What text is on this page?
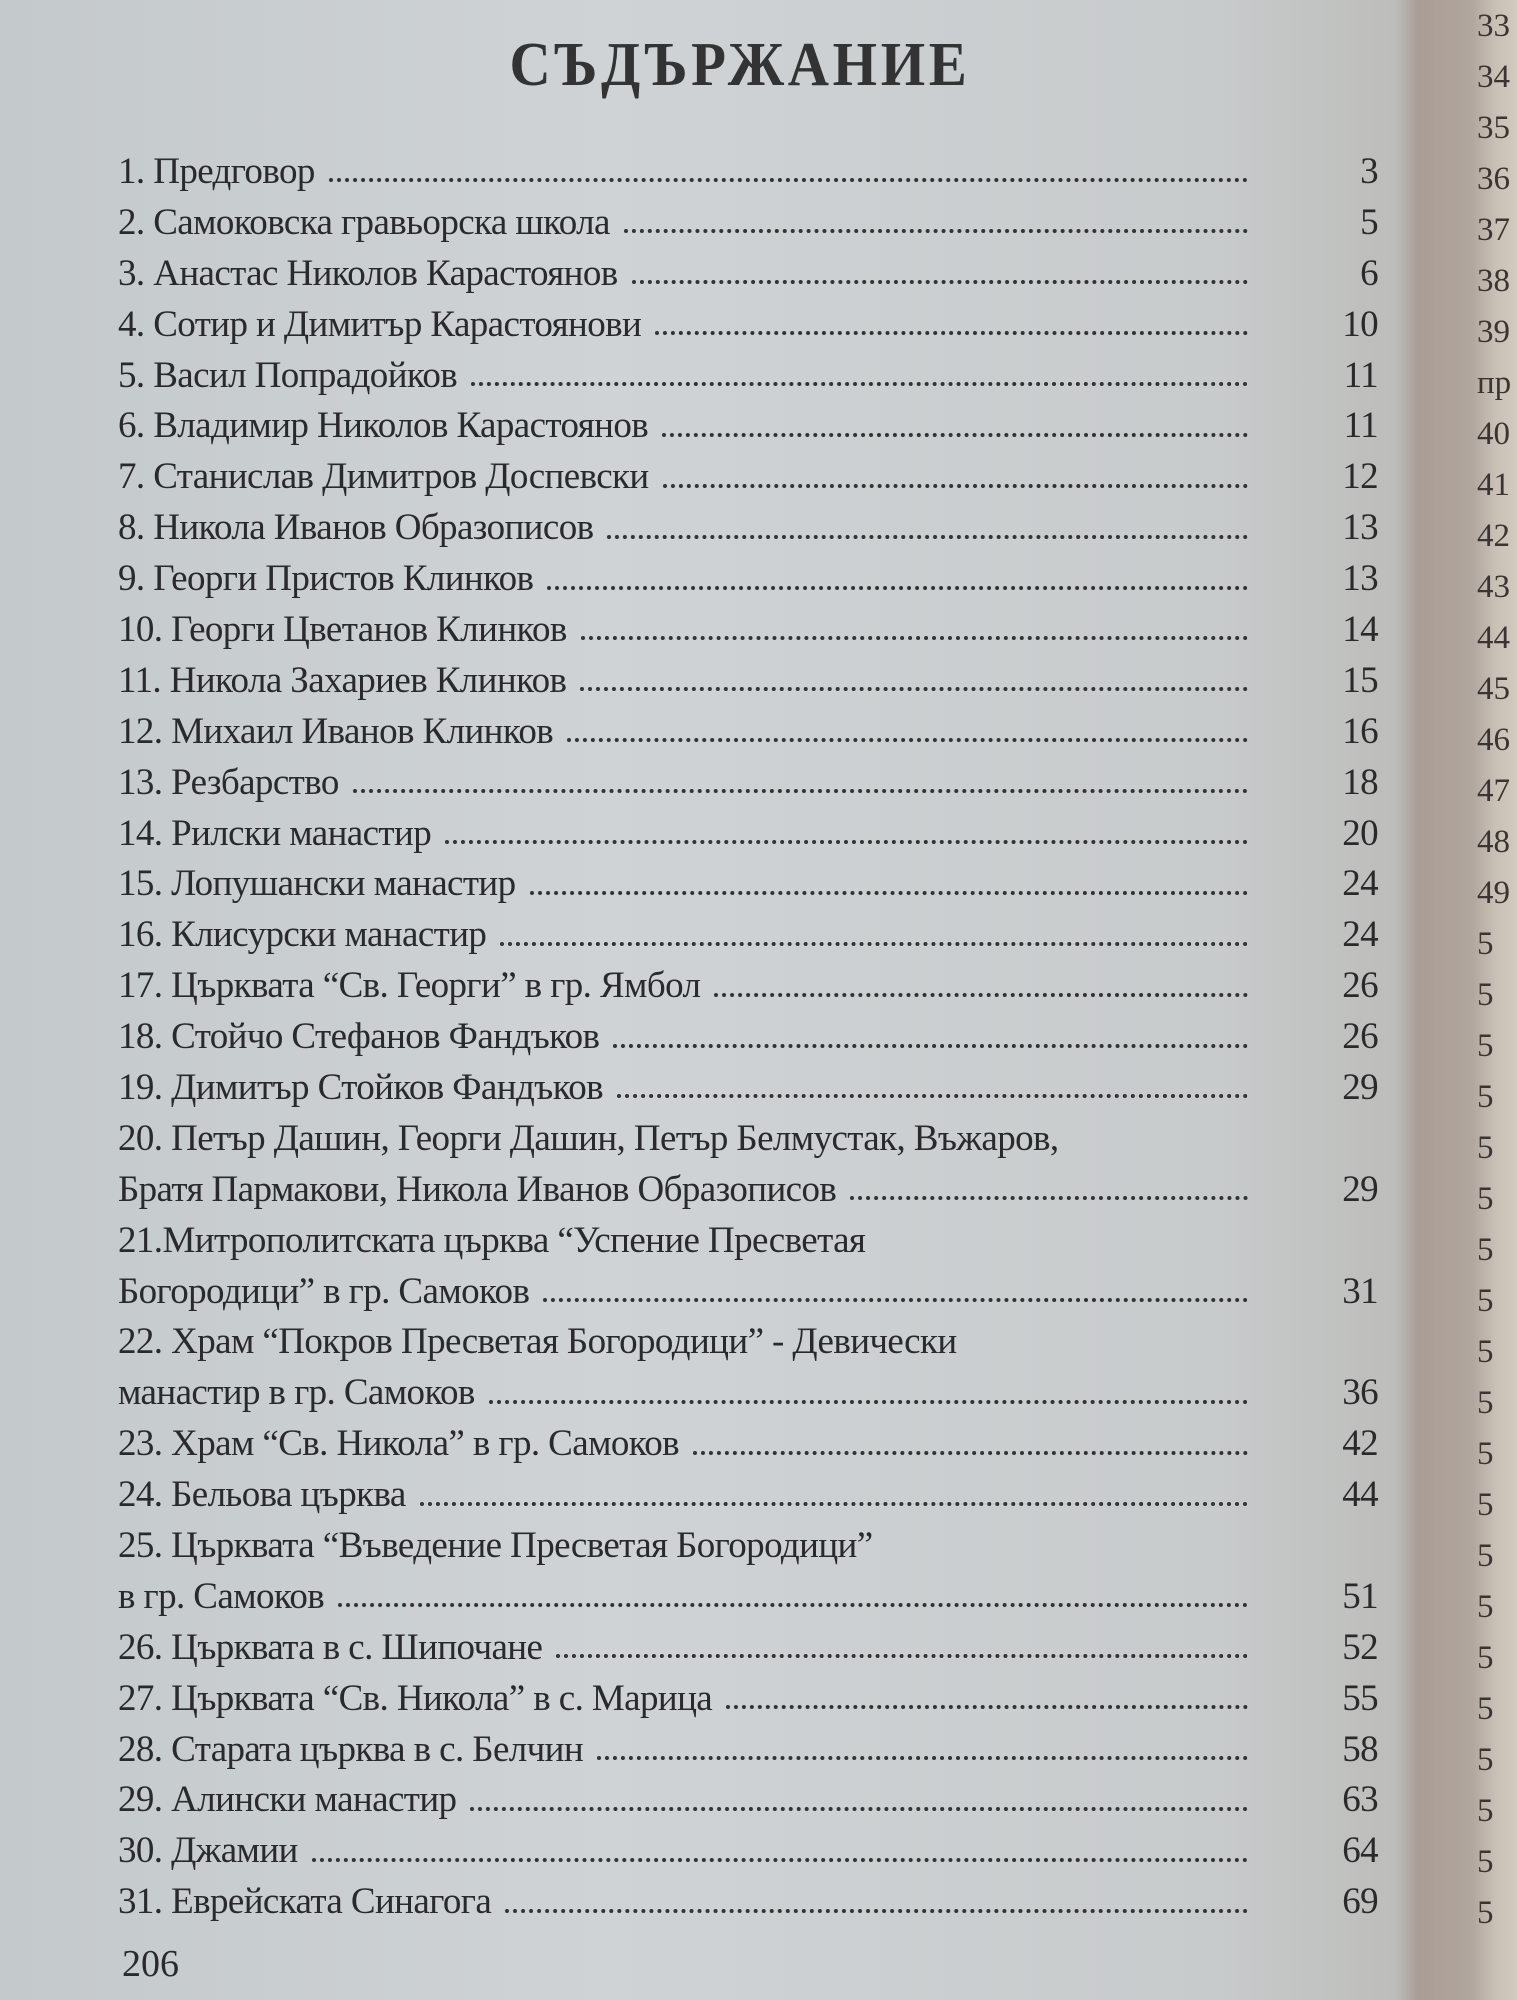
СЪДЪРЖАНИЕ
1. Предговор	3
2. Самоковска гравьорска школа	5
3. Анастас Николов Карастоянов	6
4. Сотир и Димитър Карастоянови	10
5. Васил Попрадойков	11
6. Владимир Николов Карастоянов	11
7. Станислав Димитров Доспевски	12
8. Никола Иванов Образописов	13
9. Георги Пристов Клинков	13
10. Георги Цветанов Клинков	14
11. Никола Захариев Клинков	15
12. Михаил Иванов Клинков	16
13. Резбарство	18
14. Рилски манастир	20
15. Лопушански манастир	24
16. Клисурски манастир	24
17. Църквата “Св. Георги” в гр. Ямбол	26
18. Стойчо Стефанов Фандъков	26
19. Димитър Стойков Фандъков	29
20. Петър Дашин, Георги Дашин, Петър Белмустак, Въжаров,
Братя Пармакови, Никола Иванов Образописов	29
21.Митрополитската църква “Успение Пресветая
Богородици” в гр. Самоков	31
22. Храм “Покров Пресветая Богородици” - Девически
манастир в гр. Самоков	36
23. Храм “Св. Никола” в гр. Самоков	42
24. Бельова църква	44
25. Църквата “Въведение Пресветая Богородици”
в гр. Самоков	51
26. Църквата в с. Шипочане	52
27. Църквата “Св. Никола” в с. Марица	55
28. Старата църква в с. Белчин	58
29. Алински манастир	63
30. Джамии	64
31. Еврейската Синагога	69
206
33
34
35
36
37
38
39
пр
40
41
42
43
44
45
46
47
48
49
5
5
5
5
5
5
5
5
5
5
5
5
5
5
5
5
5
5
5
5
